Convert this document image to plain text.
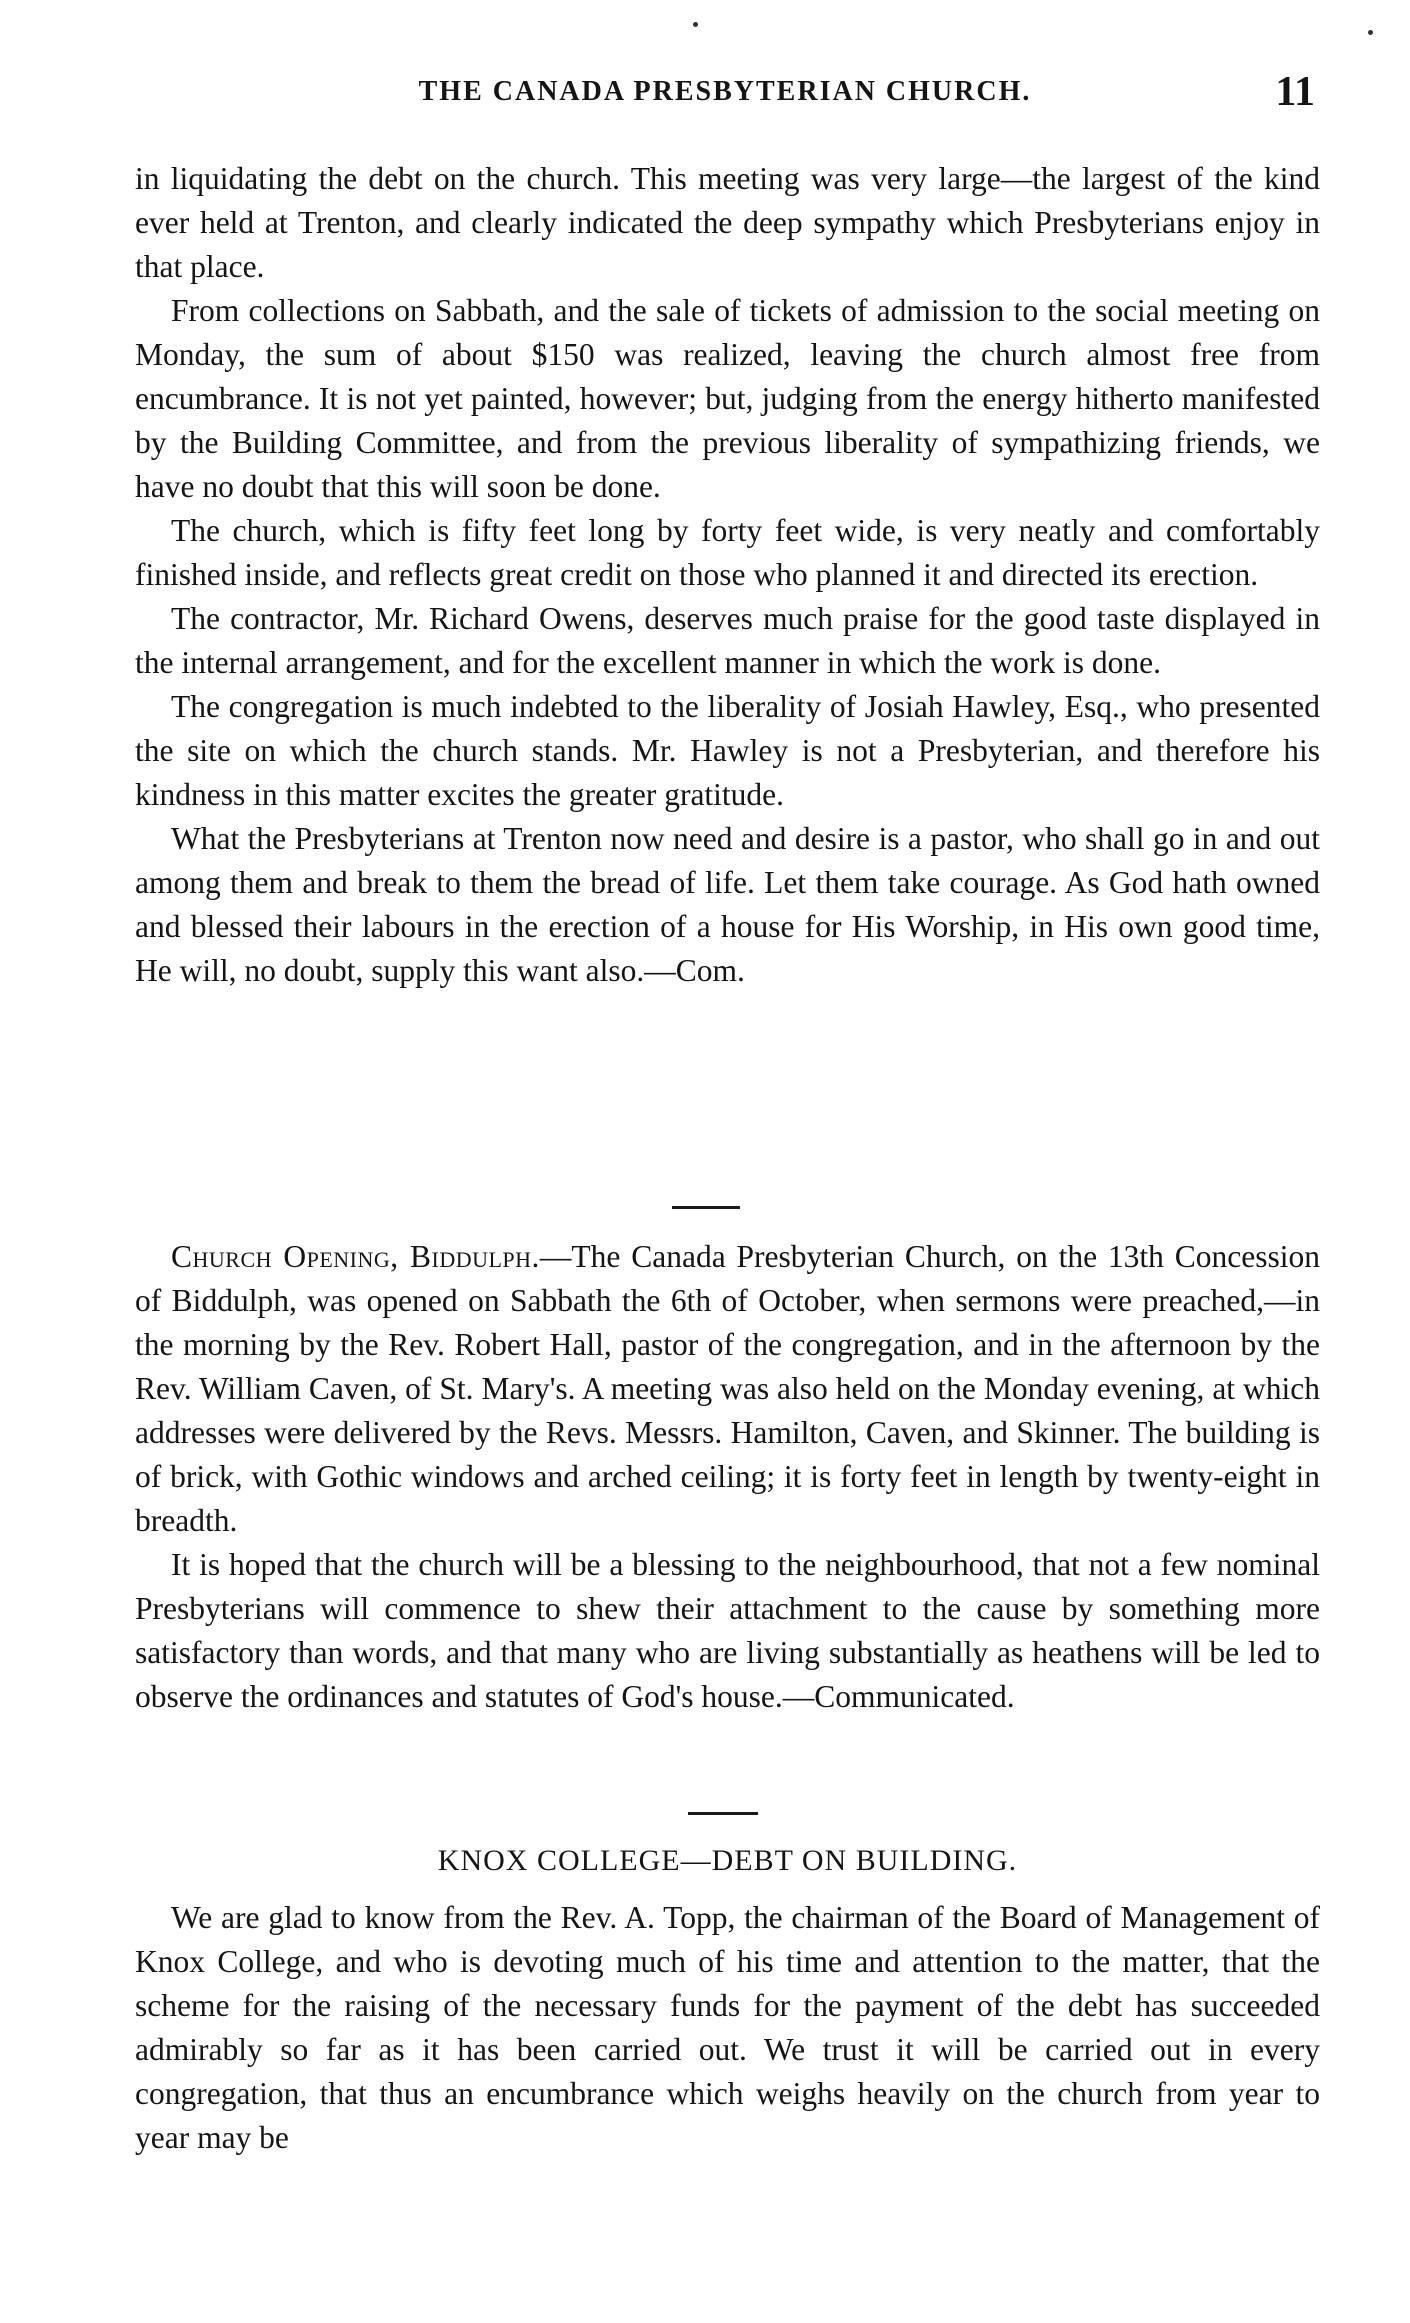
THE CANADA PRESBYTERIAN CHURCH.	11

in liquidating the debt on the church. This meeting was very large—the largest of the kind ever held at Trenton, and clearly indicated the deep sympathy which Presbyterians enjoy in that place.

From collections on Sabbath, and the sale of tickets of admission to the social meeting on Monday, the sum of about $150 was realized, leaving the church almost free from encumbrance. It is not yet painted, however; but, judging from the energy hitherto manifested by the Building Committee, and from the previous liberality of sympathizing friends, we have no doubt that this will soon be done.

The church, which is fifty feet long by forty feet wide, is very neatly and comfortably finished inside, and reflects great credit on those who planned it and directed its erection.

The contractor, Mr. Richard Owens, deserves much praise for the good taste displayed in the internal arrangement, and for the excellent manner in which the work is done.

The congregation is much indebted to the liberality of Josiah Hawley, Esq., who presented the site on which the church stands. Mr. Hawley is not a Presbyterian, and therefore his kindness in this matter excites the greater gratitude.

What the Presbyterians at Trenton now need and desire is a pastor, who shall go in and out among them and break to them the bread of life. Let them take courage. As God hath owned and blessed their labours in the erection of a house for His Worship, in His own good time, He will, no doubt, supply this want also.—Com.

Church Opening, Biddulph.—The Canada Presbyterian Church, on the 13th Concession of Biddulph, was opened on Sabbath the 6th of October, when sermons were preached,—in the morning by the Rev. Robert Hall, pastor of the congregation, and in the afternoon by the Rev. William Caven, of St. Mary's. A meeting was also held on the Monday evening, at which addresses were delivered by the Revs. Messrs. Hamilton, Caven, and Skinner. The building is of brick, with Gothic windows and arched ceiling; it is forty feet in length by twenty-eight in breadth.

It is hoped that the church will be a blessing to the neighbourhood, that not a few nominal Presbyterians will commence to shew their attachment to the cause by something more satisfactory than words, and that many who are living substantially as heathens will be led to observe the ordinances and statutes of God's house.—Communicated.

KNOX COLLEGE—DEBT ON BUILDING.

We are glad to know from the Rev. A. Topp, the chairman of the Board of Management of Knox College, and who is devoting much of his time and attention to the matter, that the scheme for the raising of the necessary funds for the payment of the debt has succeeded admirably so far as it has been carried out. We trust it will be carried out in every congregation, that thus an encumbrance which weighs heavily on the church from year to year may be
